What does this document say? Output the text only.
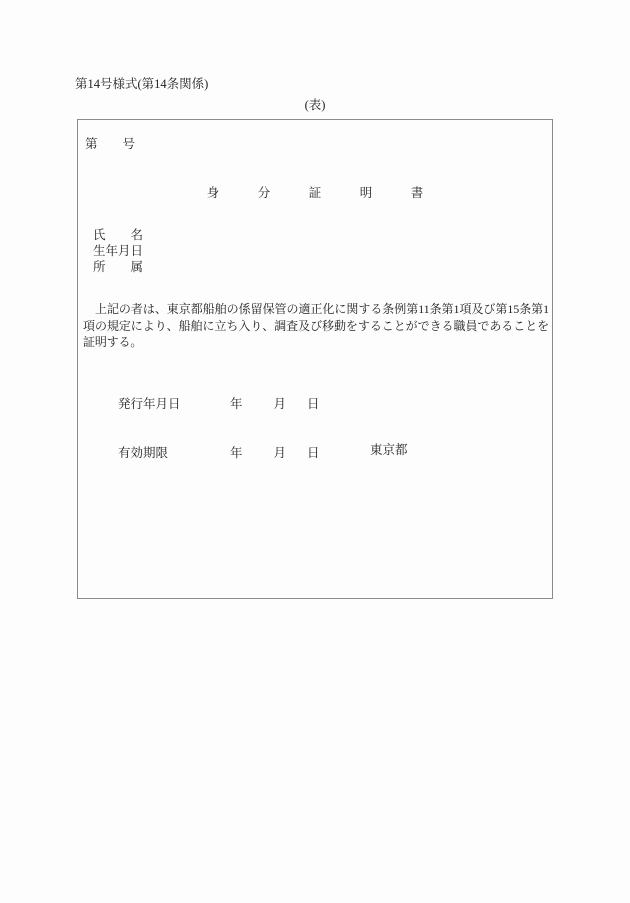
第14号様式(第14条関係)
(表)
第　　号
身　分　証　明　書
氏　　名
生年月日
所　　属

　上記の者は、東京都船舶の係留保管の適正化に関する条例第11条第1項及び第15条第1項の規定により、船舶に立ち入り、調査及び移動をすることができる職員であることを証明する。

発行年月日	年 月 日

有効期限	年 月 日
	東京都
